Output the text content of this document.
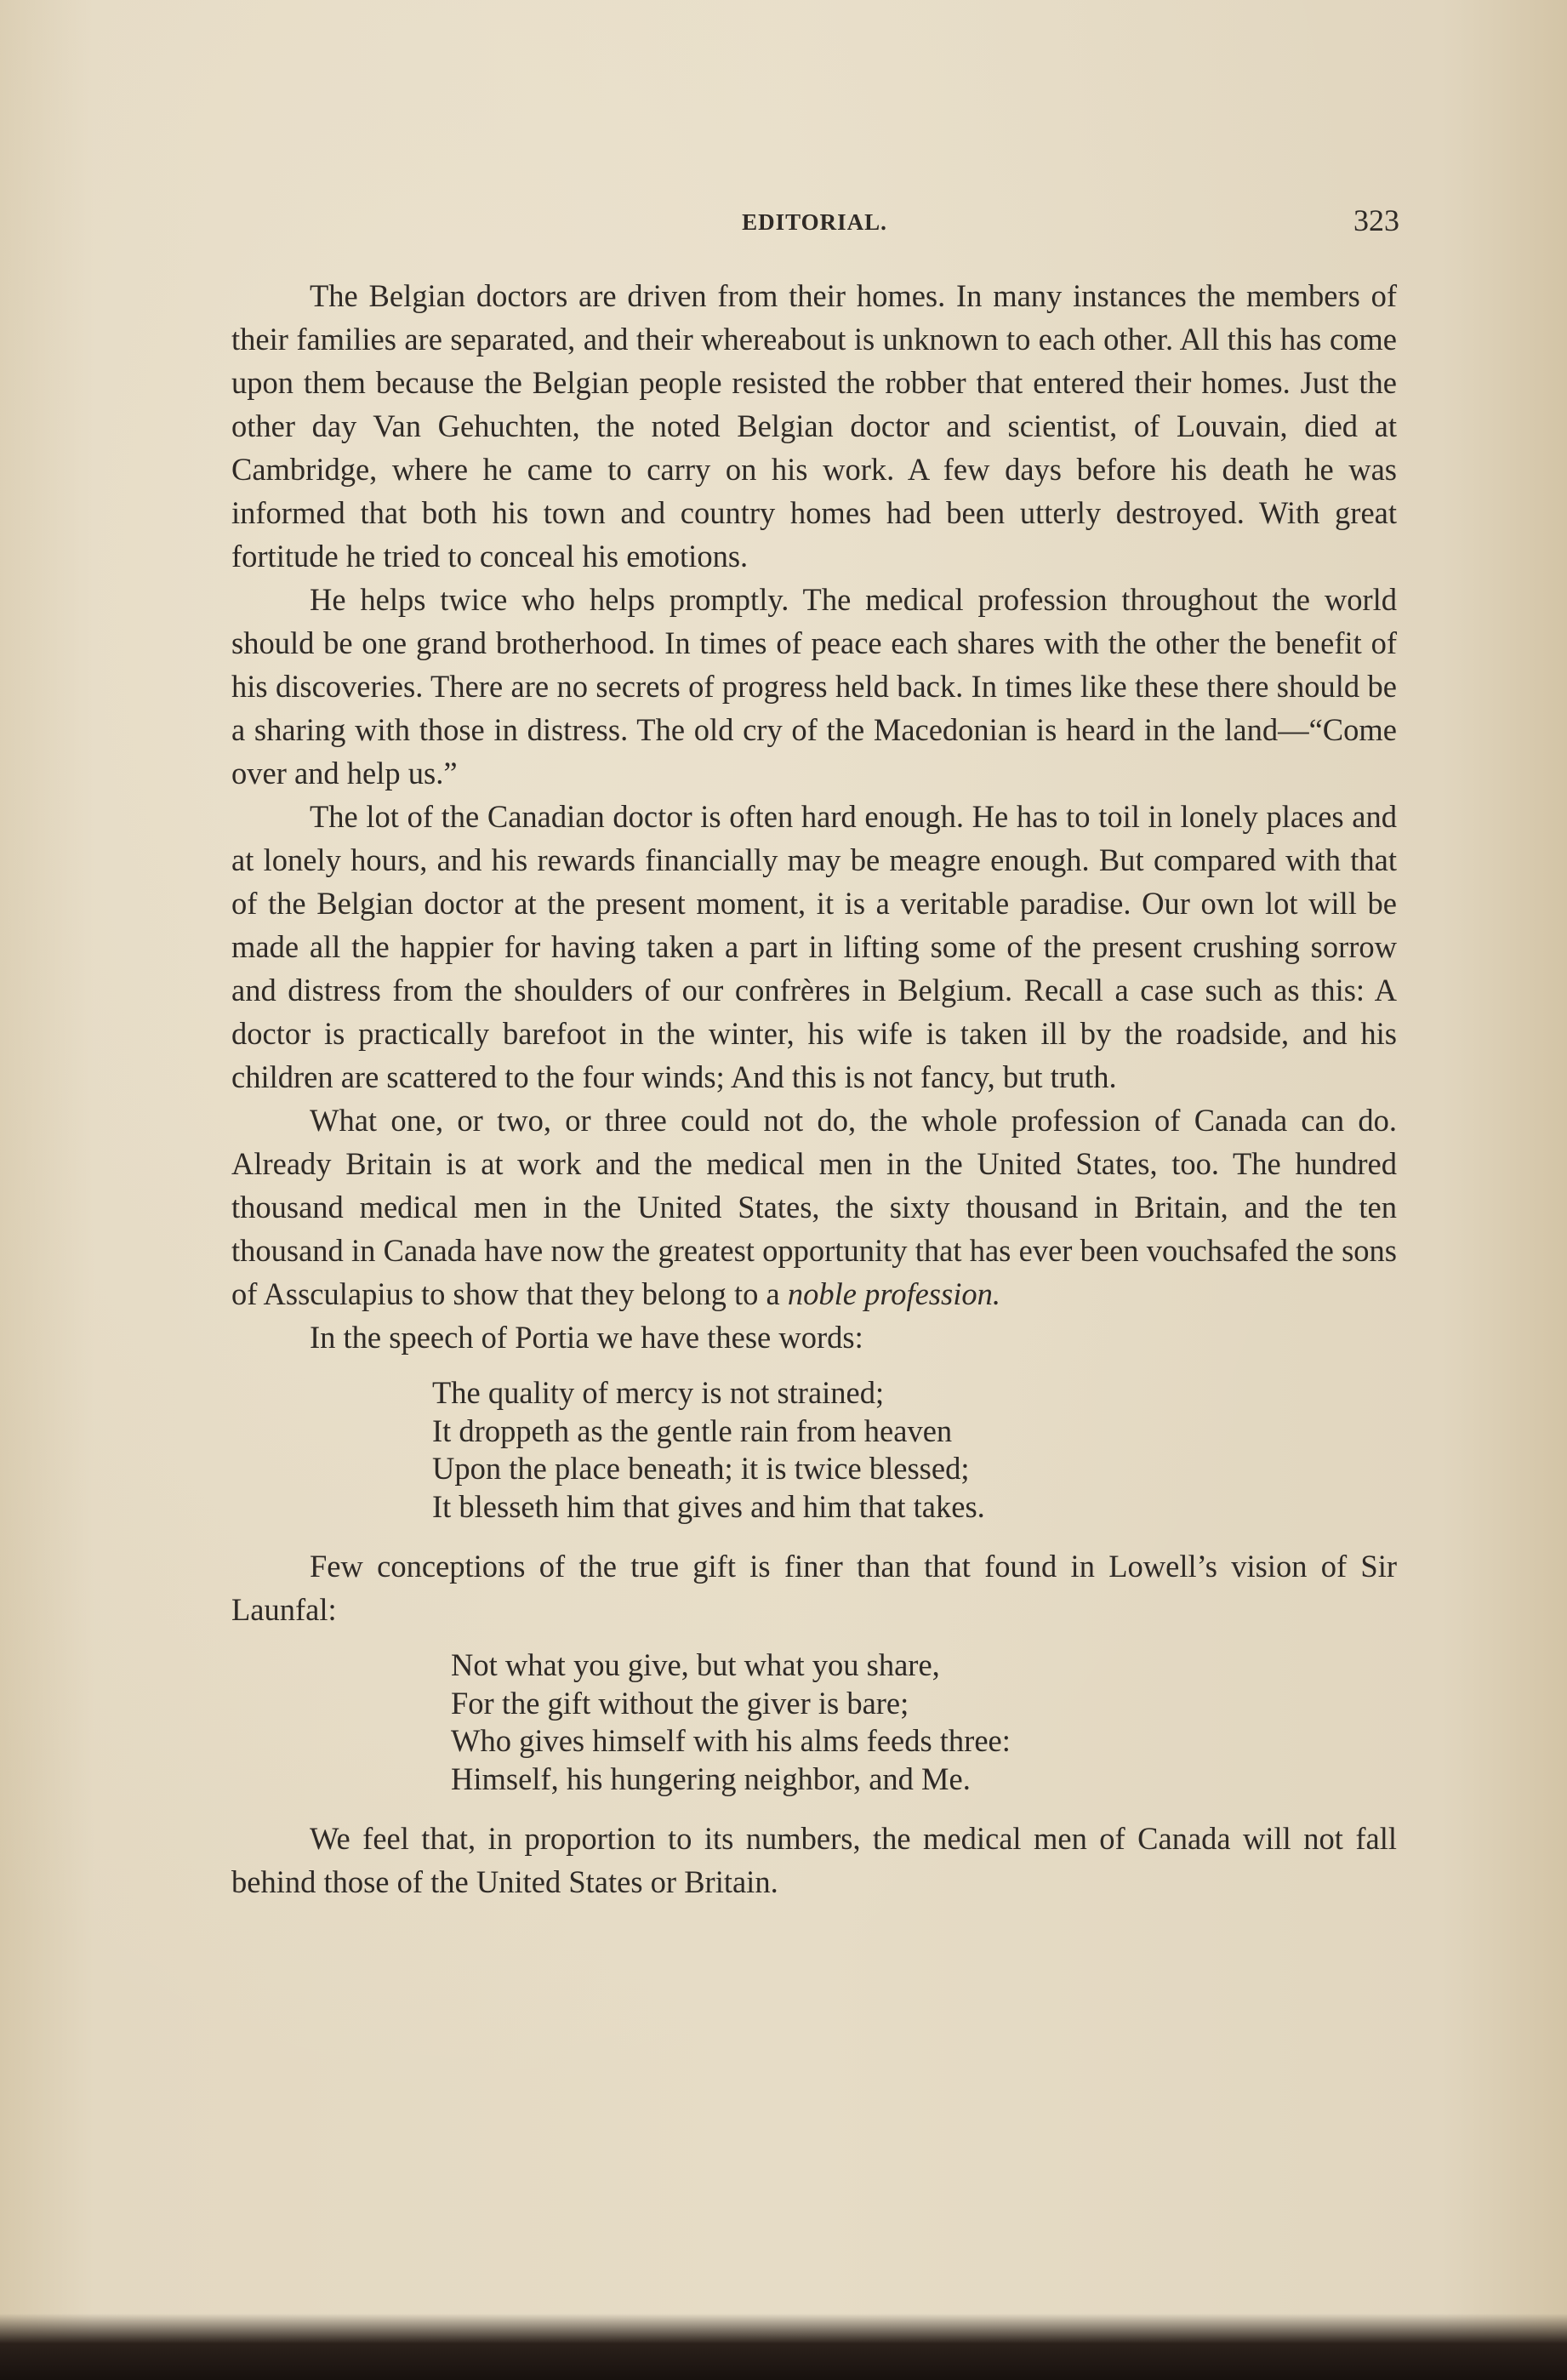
EDITORIAL.	323

The Belgian doctors are driven from their homes. In many instances the members of their families are separated, and their whereabout is unknown to each other. All this has come upon them because the Belgian people resisted the robber that entered their homes. Just the other day Van Gehuchten, the noted Belgian doctor and scientist, of Louvain, died at Cambridge, where he came to carry on his work. A few days before his death he was informed that both his town and country homes had been utterly destroyed. With great fortitude he tried to conceal his emotions.

He helps twice who helps promptly. The medical profession throughout the world should be one grand brotherhood. In times of peace each shares with the other the benefit of his discoveries. There are no secrets of progress held back. In times like these there should be a sharing with those in distress. The old cry of the Macedonian is heard in the land—“Come over and help us.”

The lot of the Canadian doctor is often hard enough. He has to toil in lonely places and at lonely hours, and his rewards financially may be meagre enough. But compared with that of the Belgian doctor at the present moment, it is a veritable paradise. Our own lot will be made all the happier for having taken a part in lifting some of the present crushing sorrow and distress from the shoulders of our confrères in Belgium. Recall a case such as this: A doctor is practically barefoot in the winter, his wife is taken ill by the roadside, and his children are scattered to the four winds; And this is not fancy, but truth.

What one, or two, or three could not do, the whole profession of Canada can do. Already Britain is at work and the medical men in the United States, too. The hundred thousand medical men in the United States, the sixty thousand in Britain, and the ten thousand in Canada have now the greatest opportunity that has ever been vouchsafed the sons of Assculapius to show that they belong to a noble profession.

In the speech of Portia we have these words:

The quality of mercy is not strained;
It droppeth as the gentle rain from heaven
Upon the place beneath; it is twice blessed;
It blesseth him that gives and him that takes.

Few conceptions of the true gift is finer than that found in Lowell’s vision of Sir Launfal:

Not what you give, but what you share,
For the gift without the giver is bare;
Who gives himself with his alms feeds three:
Himself, his hungering neighbor, and Me.

We feel that, in proportion to its numbers, the medical men of Canada will not fall behind those of the United States or Britain.
